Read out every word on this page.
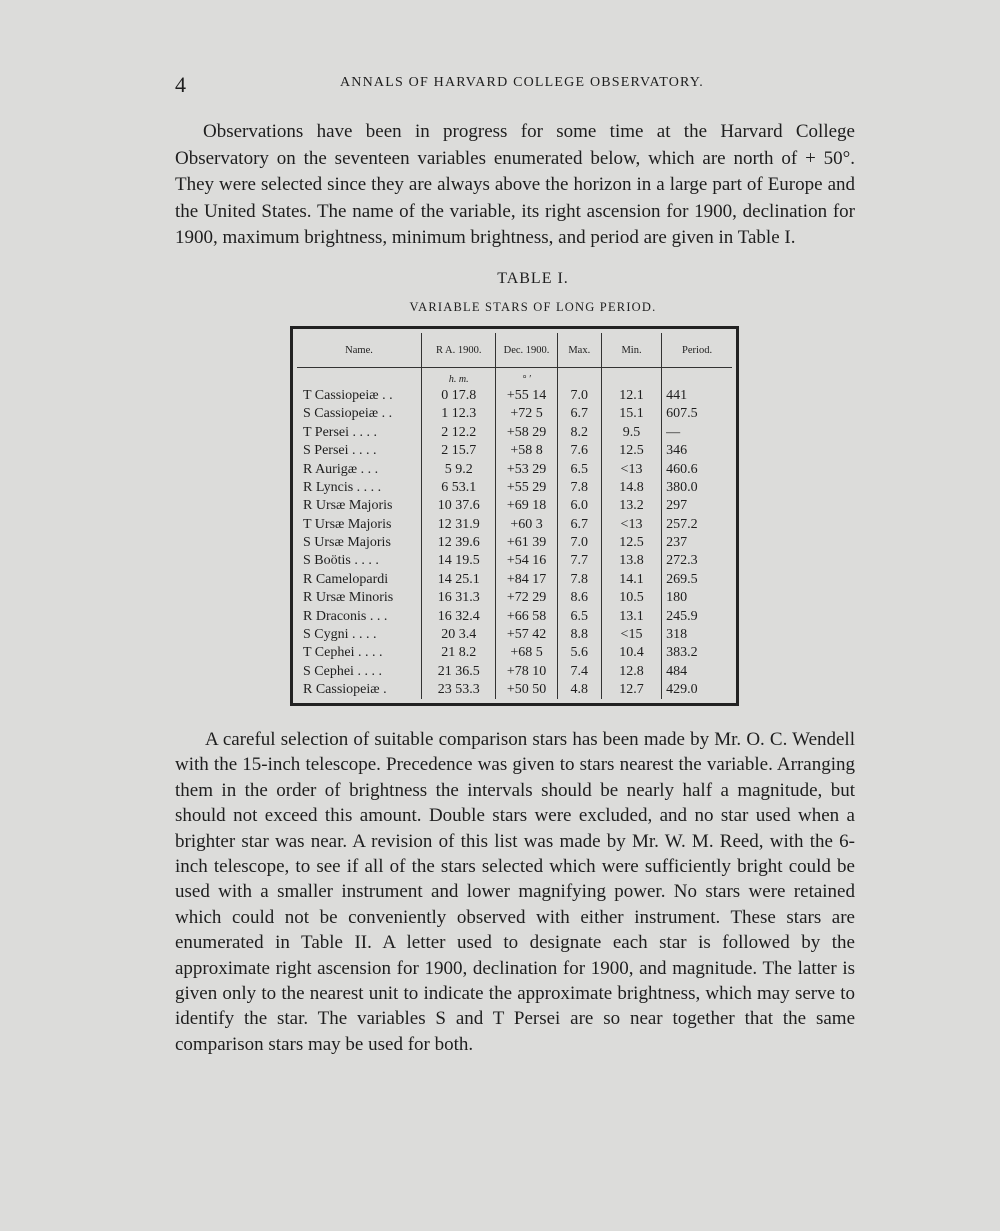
4	ANNALS OF HARVARD COLLEGE OBSERVATORY.

Observations have been in progress for some time at the Harvard College Observatory on the seventeen variables enumerated below, which are north of + 50°. They were selected since they are always above the horizon in a large part of Europe and the United States. The name of the variable, its right ascension for 1900, declination for 1900, maximum brightness, minimum brightness, and period are given in Table I.

TABLE I.
VARIABLE STARS OF LONG PERIOD.
Name.	R A. 1900.	Dec. 1900.	Max.	Min.	Period.
	h. m.	° ′			
T Cassiopeiæ . .	0 17.8	+55 14	7.0	12.1	441
S Cassiopeiæ . .	1 12.3	+72 5	6.7	15.1	607.5
T Persei . . . .	2 12.2	+58 29	8.2	9.5	—
S Persei . . . .	2 15.7	+58 8	7.6	12.5	346
R Aurigæ . . .	5 9.2	+53 29	6.5	<13	460.6
R Lyncis . . . .	6 53.1	+55 29	7.8	14.8	380.0
R Ursæ Majoris	10 37.6	+69 18	6.0	13.2	297
T Ursæ Majoris	12 31.9	+60 3	6.7	<13	257.2
S Ursæ Majoris	12 39.6	+61 39	7.0	12.5	237
S Boötis . . . .	14 19.5	+54 16	7.7	13.8	272.3
R Camelopardi	14 25.1	+84 17	7.8	14.1	269.5
R Ursæ Minoris	16 31.3	+72 29	8.6	10.5	180
R Draconis . . .	16 32.4	+66 58	6.5	13.1	245.9
S Cygni . . . .	20 3.4	+57 42	8.8	<15	318
T Cephei . . . .	21 8.2	+68 5	5.6	10.4	383.2
S Cephei . . . .	21 36.5	+78 10	7.4	12.8	484
R Cassiopeiæ .	23 53.3	+50 50	4.8	12.7	429.0

A careful selection of suitable comparison stars has been made by Mr. O. C. Wendell with the 15-inch telescope. Precedence was given to stars nearest the variable. Arranging them in the order of brightness the intervals should be nearly half a magnitude, but should not exceed this amount. Double stars were excluded, and no star used when a brighter star was near. A revision of this list was made by Mr. W. M. Reed, with the 6-inch telescope, to see if all of the stars selected which were sufficiently bright could be used with a smaller instrument and lower magnifying power. No stars were retained which could not be conveniently observed with either instrument. These stars are enumerated in Table II. A letter used to designate each star is followed by the approximate right ascension for 1900, declination for 1900, and magnitude. The latter is given only to the nearest unit to indicate the approximate brightness, which may serve to identify the star. The variables S and T Persei are so near together that the same comparison stars may be used for both.
